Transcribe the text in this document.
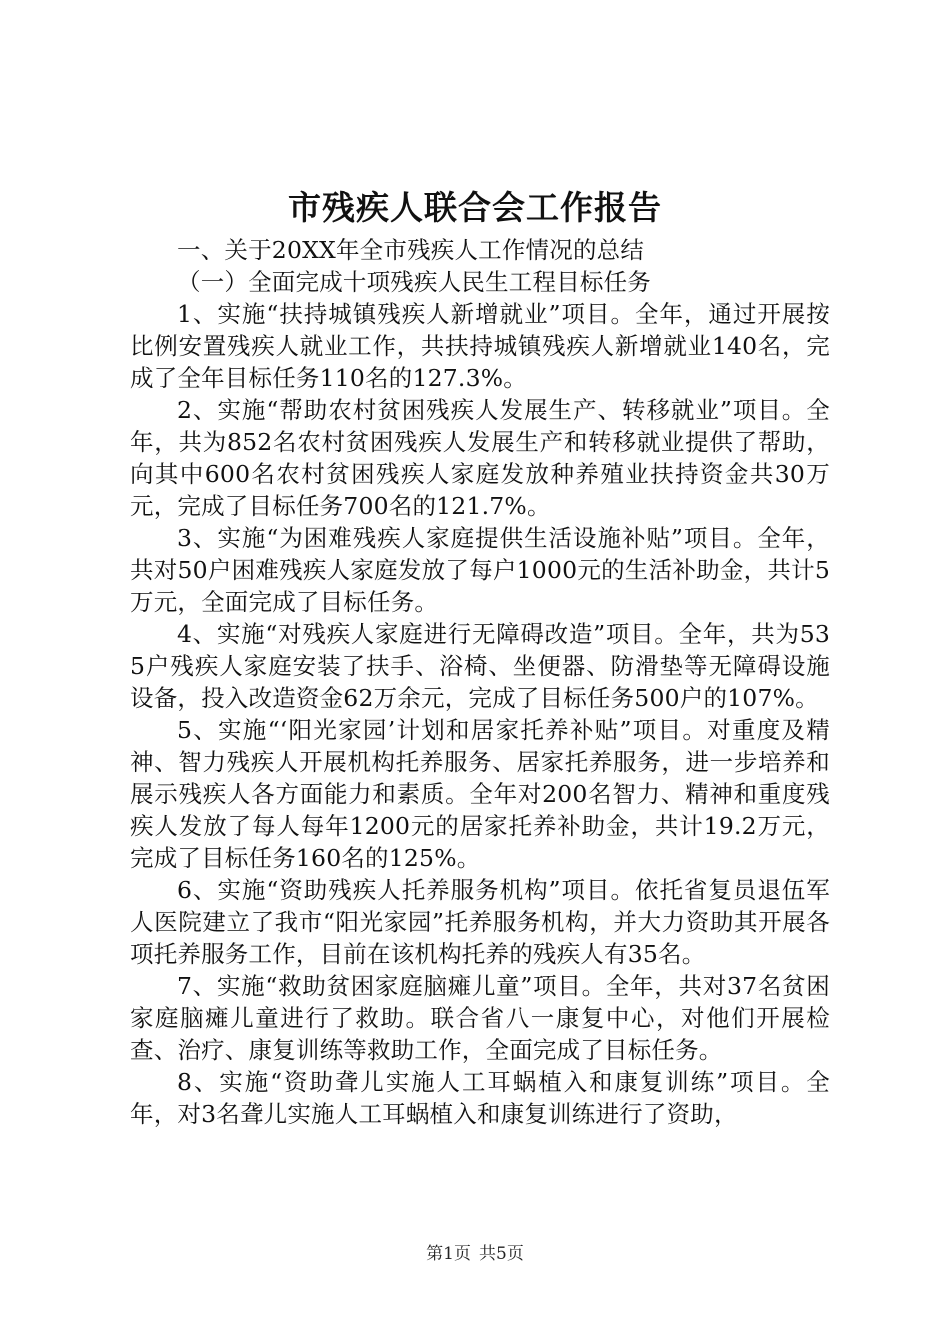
市残疾人联合会工作报告

一、关于20XX年全市残疾人工作情况的总结

（一）全面完成十项残疾人民生工程目标任务

1、实施“扶持城镇残疾人新增就业”项目。全年，通过开展按比例安置残疾人就业工作，共扶持城镇残疾人新增就业140名，完成了全年目标任务110名的127.3%。

2、实施“帮助农村贫困残疾人发展生产、转移就业”项目。全年，共为852名农村贫困残疾人发展生产和转移就业提供了帮助，向其中600名农村贫困残疾人家庭发放种养殖业扶持资金共30万元，完成了目标任务700名的121.7%。

3、实施“为困难残疾人家庭提供生活设施补贴”项目。全年，共对50户困难残疾人家庭发放了每户1000元的生活补助金，共计5万元，全面完成了目标任务。

4、实施“对残疾人家庭进行无障碍改造”项目。全年，共为535户残疾人家庭安装了扶手、浴椅、坐便器、防滑垫等无障碍设施设备，投入改造资金62万余元，完成了目标任务500户的107%。

5、实施“‘阳光家园’计划和居家托养补贴”项目。对重度及精神、智力残疾人开展机构托养服务、居家托养服务，进一步培养和展示残疾人各方面能力和素质。全年对200名智力、精神和重度残疾人发放了每人每年1200元的居家托养补助金，共计19.2万元，完成了目标任务160名的125%。

6、实施“资助残疾人托养服务机构”项目。依托省复员退伍军人医院建立了我市“阳光家园”托养服务机构，并大力资助其开展各项托养服务工作，目前在该机构托养的残疾人有35名。

7、实施“救助贫困家庭脑瘫儿童”项目。全年，共对37名贫困家庭脑瘫儿童进行了救助。联合省八一康复中心，对他们开展检查、治疗、康复训练等救助工作，全面完成了目标任务。

8、实施“资助聋儿实施人工耳蜗植入和康复训练”项目。全年，对3名聋儿实施人工耳蜗植入和康复训练进行了资助，

第1页 共5页
